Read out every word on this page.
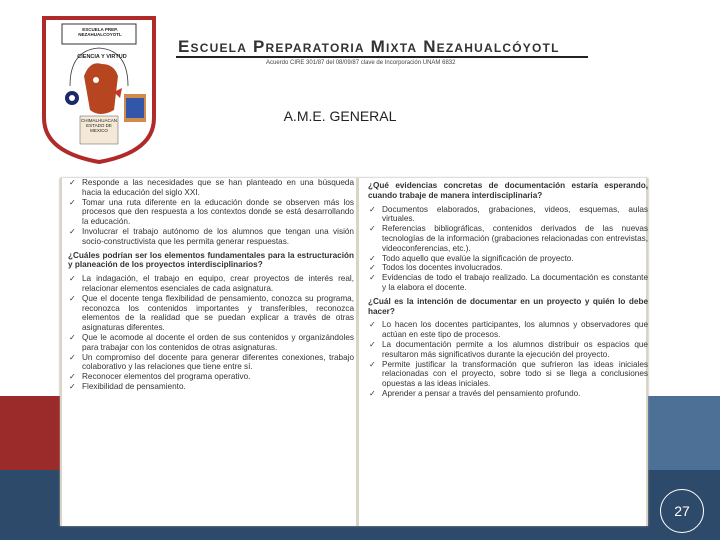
ESCUELA PREP. NEZAHUALCOYOTL
CIENCIA Y VIRTUD
CHIMALHUACAN ESTADO DE MEXICO
Escuela Preparatoria Mixta Nezahualcóyotl
Acuerdo CIRE 301/87 del 08/09/87 clave de Incorporación UNAM 6832
A.M.E. GENERAL
✓ Responde a las necesidades que se han planteado en una búsqueda hacia la educación del siglo XXI.
✓ Tomar una ruta diferente en la educación donde se observen más los procesos que den respuesta a los contextos donde se está desarrollando la educación.
✓ Involucrar el trabajo autónomo de los alumnos que tengan una visión socio-constructivista que les permita generar respuestas.
¿Cuáles podrían ser los elementos fundamentales para la estructuración y planeación de los proyectos interdisciplinarios?
✓ La indagación, el trabajo en equipo, crear proyectos de interés real, relacionar elementos esenciales de cada asignatura.
✓ Que el docente tenga flexibilidad de pensamiento, conozca su programa, reconozca los contenidos importantes y transferibles, reconozca elementos de la realidad que se puedan explicar a través de otras asignaturas diferentes.
✓ Que le acomode al docente el orden de sus contenidos y organizándoles para trabajar con los contenidos de otras asignaturas.
✓ Un compromiso del docente para generar diferentes conexiones, trabajo colaborativo y las relaciones que tiene entre sí.
✓ Reconocer elementos del programa operativo.
✓ Flexibilidad de pensamiento.
¿Qué evidencias concretas de documentación estaría esperando, cuando trabaje de manera interdisciplinaria?
✓ Documentos elaborados, grabaciones, videos, esquemas, aulas virtuales.
✓ Referencias bibliográficas, contenidos derivados de las nuevas tecnologías de la información (grabaciones relacionadas con entrevistas, videoconferencias, etc.).
✓ Todo aquello que evalúe la significación de proyecto.
✓ Todos los docentes involucrados.
✓ Evidencias de todo el trabajo realizado. La documentación es constante y la elabora el docente.
¿Cuál es la intención de documentar en un proyecto y quién lo debe hacer?
✓ Lo hacen los docentes participantes, los alumnos y observadores que actúan en este tipo de procesos.
✓ La documentación permite a los alumnos distribuir os espacios que resultaron más significativos durante la ejecución del proyecto.
✓ Permite justificar la transformación que sufrieron las ideas iniciales relacionadas con el proyecto, sobre todo si se llega a conclusiones opuestas a las ideas iniciales.
✓ Aprender a pensar a través del pensamiento profundo.
27
